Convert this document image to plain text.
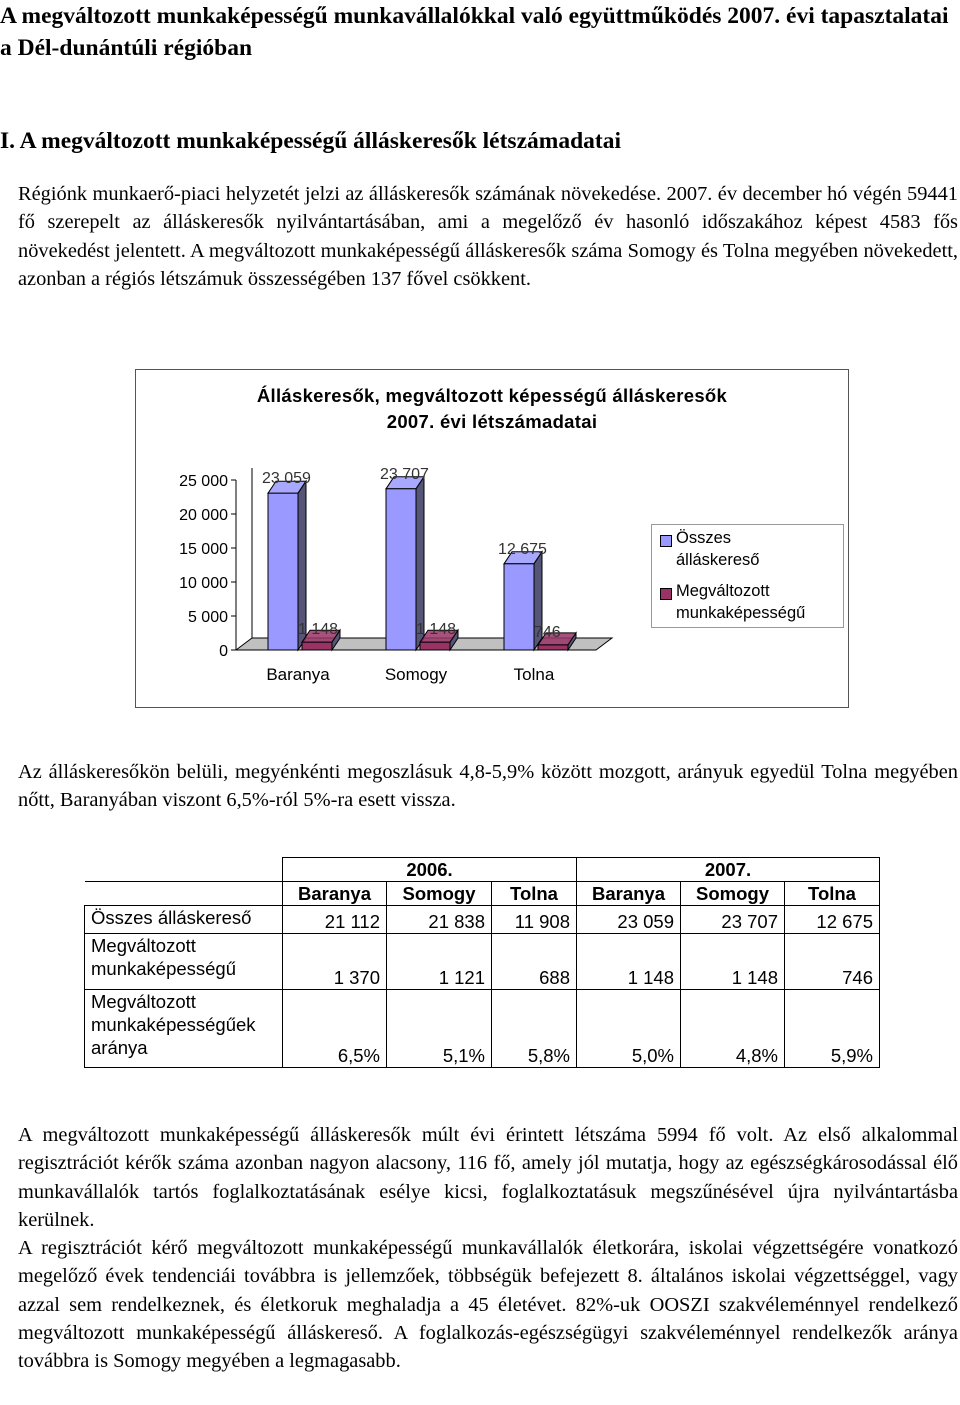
A megváltozott munkaképességű munkavállalókkal való együttműködés 2007. évi tapasztalatai a Dél-dunántúli régióban
I. A megváltozott munkaképességű álláskeresők létszámadatai
Régiónk munkaerő-piaci helyzetét jelzi az álláskeresők számának növekedése. 2007. év december hó végén 59441 fő szerepelt az álláskeresők nyilvántartásában, ami a megelőző év hasonló időszakához képest 4583 fős növekedést jelentett. A megváltozott munkaképességű álláskeresők száma Somogy és Tolna megyében növekedett, azonban a régiós létszámuk összességében 137 fővel csökkent.
Álláskeresők, megváltozott képességű álláskeresők
2007. évi létszámadatai
25 000
20 000
15 000
10 000
5 000
0
23 059
1 148
Baranya
23 707
1 148
Somogy
12 675
746
Tolna
Összes álláskereső
Megváltozott munkaképességű
Az álláskeresőkön belüli, megyénkénti megoszlásuk 4,8-5,9% között mozgott, arányuk egyedül Tolna megyében nőtt, Baranyában viszont 6,5%-ról 5%-ra esett vissza.
	2006.			2007.		
	Baranya	Somogy	Tolna	Baranya	Somogy	Tolna
Összes álláskereső	21 112	21 838	11 908	23 059	23 707	12 675
Megváltozott munkaképességű	1 370	1 121	688	1 148	1 148	746
Megváltozott munkaképességűek aránya	6,5%	5,1%	5,8%	5,0%	4,8%	5,9%
A megváltozott munkaképességű álláskeresők múlt évi érintett létszáma 5994 fő volt. Az első alkalommal regisztrációt kérők száma azonban nagyon alacsony, 116 fő, amely jól mutatja, hogy az egészségkárosodással élő munkavállalók tartós foglalkoztatásának esélye kicsi, foglalkoztatásuk megszűnésével újra nyilvántartásba kerülnek.
A regisztrációt kérő megváltozott munkaképességű munkavállalók életkorára, iskolai végzettségére vonatkozó megelőző évek tendenciái továbbra is jellemzőek, többségük befejezett 8. általános iskolai végzettséggel, vagy azzal sem rendelkeznek, és életkoruk meghaladja a 45 életévet. 82%-uk OOSZI szakvéleménnyel rendelkező megváltozott munkaképességű álláskereső. A foglalkozás-egészségügyi szakvéleménnyel rendelkezők aránya továbbra is Somogy megyében a legmagasabb.
